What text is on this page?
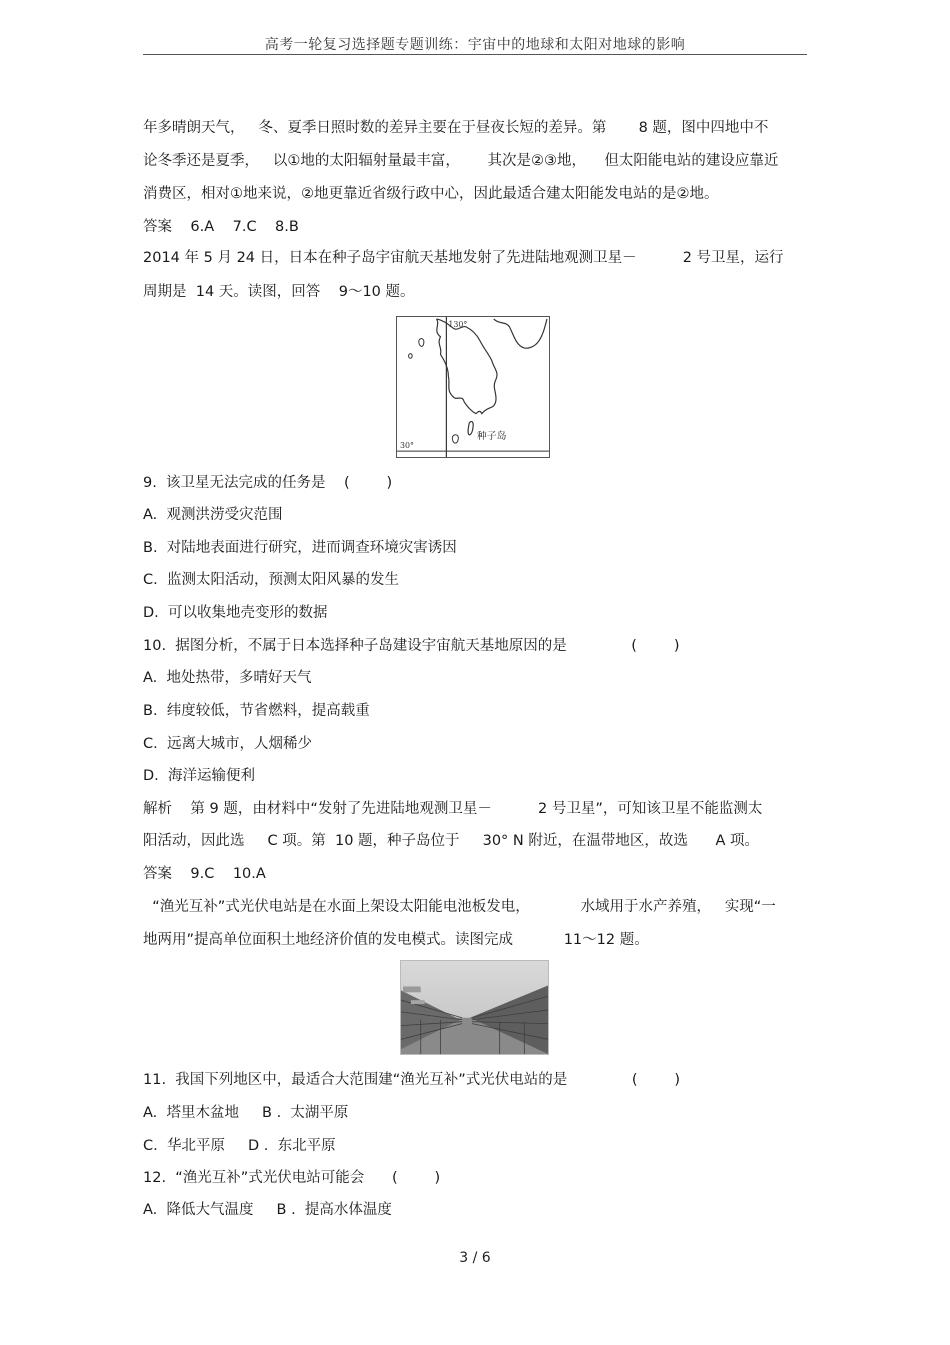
高考一轮复习选择题专题训练：宇宙中的地球和太阳对地球的影响
年多晴朗天气，   冬、夏季日照时数的差异主要在于昼夜长短的差异。第       8 题，图中四地中不
论冬季还是夏季，   以①地的太阳辐射量最丰富，      其次是②③地，    但太阳能电站的建设应靠近
消费区，相对①地来说，②地更靠近省级行政中心，因此最适合建太阳能发电站的是②地。
答案    6.A    7.C    8.B
2014 年 5 月 24 日，日本在种子岛宇宙航天基地发射了先进陆地观测卫星－          2 号卫星，运行
周期是  14 天。读图，回答    9～10 题。
130°
30°
种子岛
9.  该卫星无法完成的任务是    (        )
A.  观测洪涝受灾范围
B.  对陆地表面进行研究，进而调查环境灾害诱因
C.  监测太阳活动，预测太阳风暴的发生
D.  可以收集地壳变形的数据
10.  据图分析，不属于日本选择种子岛建设宇宙航天基地原因的是              (        )
A.  地处热带，多晴好天气
B.  纬度较低，节省燃料，提高载重
C.  远离大城市，人烟稀少
D.  海洋运输便利
解析    第 9 题，由材料中“发射了先进陆地观测卫星－          2 号卫星”，可知该卫星不能监测太
阳活动，因此选     C 项。第  10 题，种子岛位于     30° N 附近，在温带地区，故选      A 项。
答案    9.C    10.A
“渔光互补”式光伏电站是在水面上架设太阳能电池板发电，           水域用于水产养殖，   实现“一
地两用”提高单位面积土地经济价值的发电模式。读图完成           11～12 题。
11.  我国下列地区中，最适合大范围建“渔光互补”式光伏电站的是              (        )
A.  塔里木盆地     B .  太湖平原
C.  华北平原     D .  东北平原
12.  “渔光互补”式光伏电站可能会      (        )
A.  降低大气温度     B .  提高水体温度
3 / 6
